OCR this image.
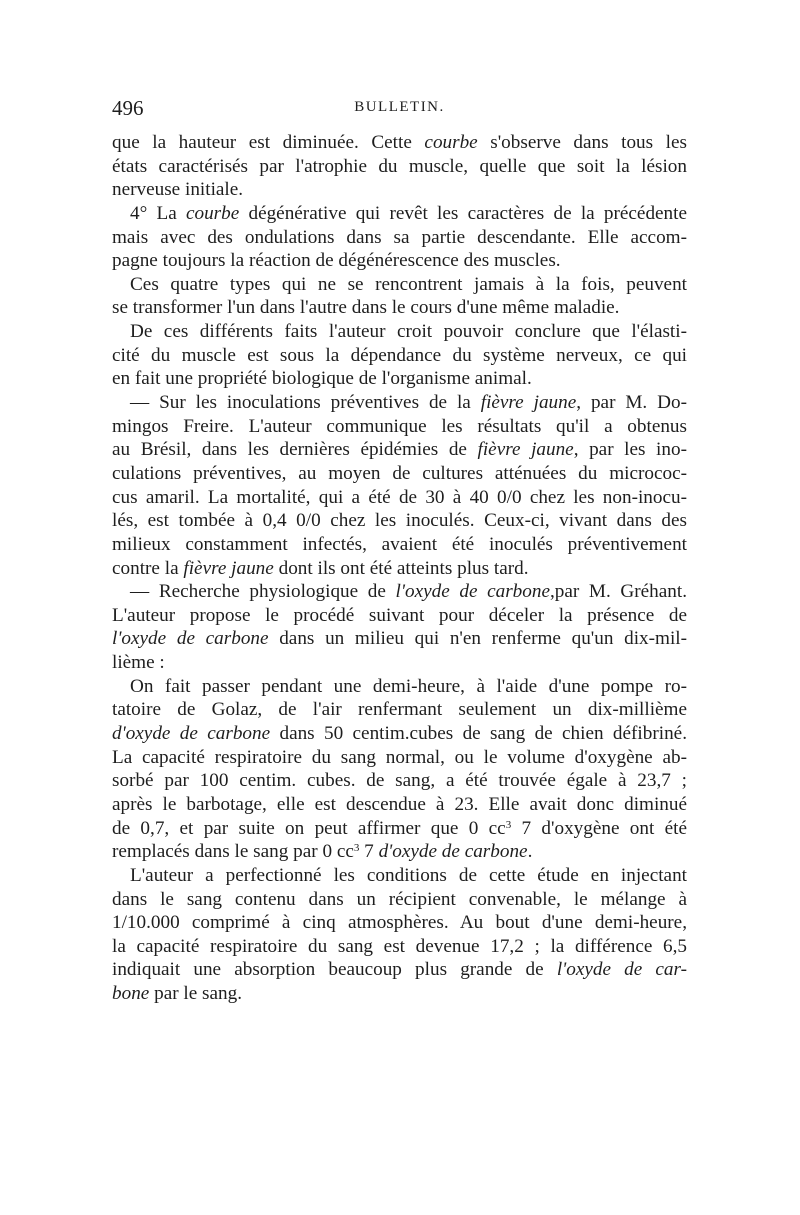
496	BULLETIN.
que la hauteur est diminuée. Cette courbe s'observe dans tous les
états caractérisés par l'atrophie du muscle, quelle que soit la lésion
nerveuse initiale.
4° La courbe dégénérative qui revêt les caractères de la précédente
mais avec des ondulations dans sa partie descendante. Elle accom-
pagne toujours la réaction de dégénérescence des muscles.
Ces quatre types qui ne se rencontrent jamais à la fois, peuvent
se transformer l'un dans l'autre dans le cours d'une même maladie.
De ces différents faits l'auteur croit pouvoir conclure que l'élasti-
cité du muscle est sous la dépendance du système nerveux, ce qui
en fait une propriété biologique de l'organisme animal.
— Sur les inoculations préventives de la fièvre jaune, par M. Do-
mingos Freire. L'auteur communique les résultats qu'il a obtenus
au Brésil, dans les dernières épidémies de fièvre jaune, par les ino-
culations préventives, au moyen de cultures atténuées du micrococ-
cus amaril. La mortalité, qui a été de 30 à 40 0/0 chez les non-inocu-
lés, est tombée à 0,4 0/0 chez les inoculés. Ceux-ci, vivant dans des
milieux constamment infectés, avaient été inoculés préventivement
contre la fièvre jaune dont ils ont été atteints plus tard.
— Recherche physiologique de l'oxyde de carbone,par M. Gréhant.
L'auteur propose le procédé suivant pour déceler la présence de
l'oxyde de carbone dans un milieu qui n'en renferme qu'un dix-mil-
lième :
On fait passer pendant une demi-heure, à l'aide d'une pompe ro-
tatoire de Golaz, de l'air renfermant seulement un dix-millième
d'oxyde de carbone dans 50 centim.cubes de sang de chien défibriné.
La capacité respiratoire du sang normal, ou le volume d'oxygène ab-
sorbé par 100 centim. cubes. de sang, a été trouvée égale à 23,7 ;
après le barbotage, elle est descendue à 23. Elle avait donc diminué
de 0,7, et par suite on peut affirmer que 0 $cc^3$ 7 d'oxygène ont été
remplacés dans le sang par 0 $cc^3$ 7 d'oxyde de carbone.
L'auteur a perfectionné les conditions de cette étude en injectant
dans le sang contenu dans un récipient convenable, le mélange à
1/10.000 comprimé à cinq atmosphères. Au bout d'une demi-heure,
la capacité respiratoire du sang est devenue 17,2 ; la différence 6,5
indiquait une absorption beaucoup plus grande de l'oxyde de car-
bone par le sang.
